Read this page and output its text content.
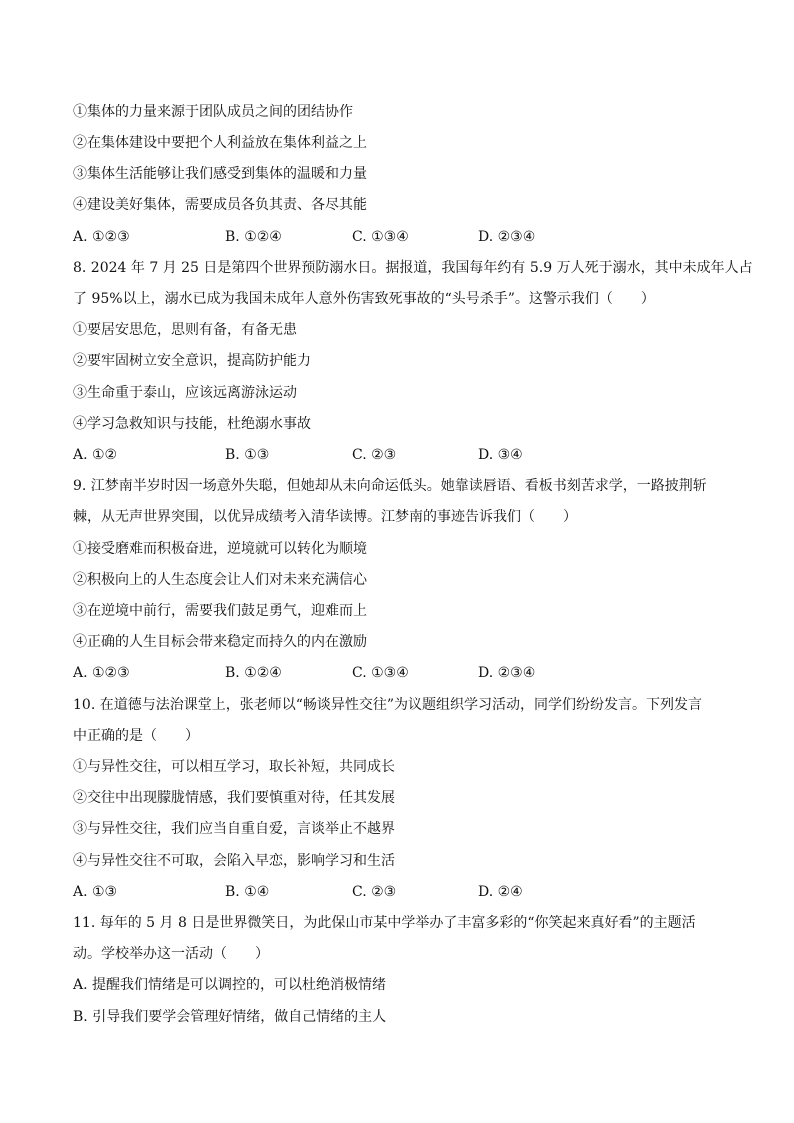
①集体的力量来源于团队成员之间的团结协作
②在集体建设中要把个人利益放在集体利益之上
③集体生活能够让我们感受到集体的温暖和力量
④建设美好集体，需要成员各负其责、各尽其能
A. ①②③	B. ①②④	C. ①③④	D. ②③④
8. 2024 年 7 月 25 日是第四个世界预防溺水日。据报道，我国每年约有 5.9 万人死于溺水，其中未成年人占
了 95%以上，溺水已成为我国未成年人意外伤害致死事故的“头号杀手”。这警示我们（　　）
①要居安思危，思则有备，有备无患
②要牢固树立安全意识，提高防护能力
③生命重于泰山，应该远离游泳运动
④学习急救知识与技能，杜绝溺水事故
A. ①②	B. ①③	C. ②③	D. ③④
9. 江梦南半岁时因一场意外失聪，但她却从未向命运低头。她靠读唇语、看板书刻苦求学，一路披荆斩
棘，从无声世界突围，以优异成绩考入清华读博。江梦南的事迹告诉我们（　　）
①接受磨难而积极奋进，逆境就可以转化为顺境
②积极向上的人生态度会让人们对未来充满信心
③在逆境中前行，需要我们鼓足勇气，迎难而上
④正确的人生目标会带来稳定而持久的内在激励
A. ①②③	B. ①②④	C. ①③④	D. ②③④
10. 在道德与法治课堂上，张老师以“畅谈异性交往”为议题组织学习活动，同学们纷纷发言。下列发言
中正确的是（　　）
①与异性交往，可以相互学习，取长补短，共同成长
②交往中出现朦胧情感，我们要慎重对待，任其发展
③与异性交往，我们应当自重自爱，言谈举止不越界
④与异性交往不可取，会陷入早恋，影响学习和生活
A. ①③	B. ①④	C. ②③	D. ②④
11. 每年的 5 月 8 日是世界微笑日，为此保山市某中学举办了丰富多彩的“你笑起来真好看”的主题活
动。学校举办这一活动（　　）
A. 提醒我们情绪是可以调控的，可以杜绝消极情绪
B. 引导我们要学会管理好情绪，做自己情绪的主人
